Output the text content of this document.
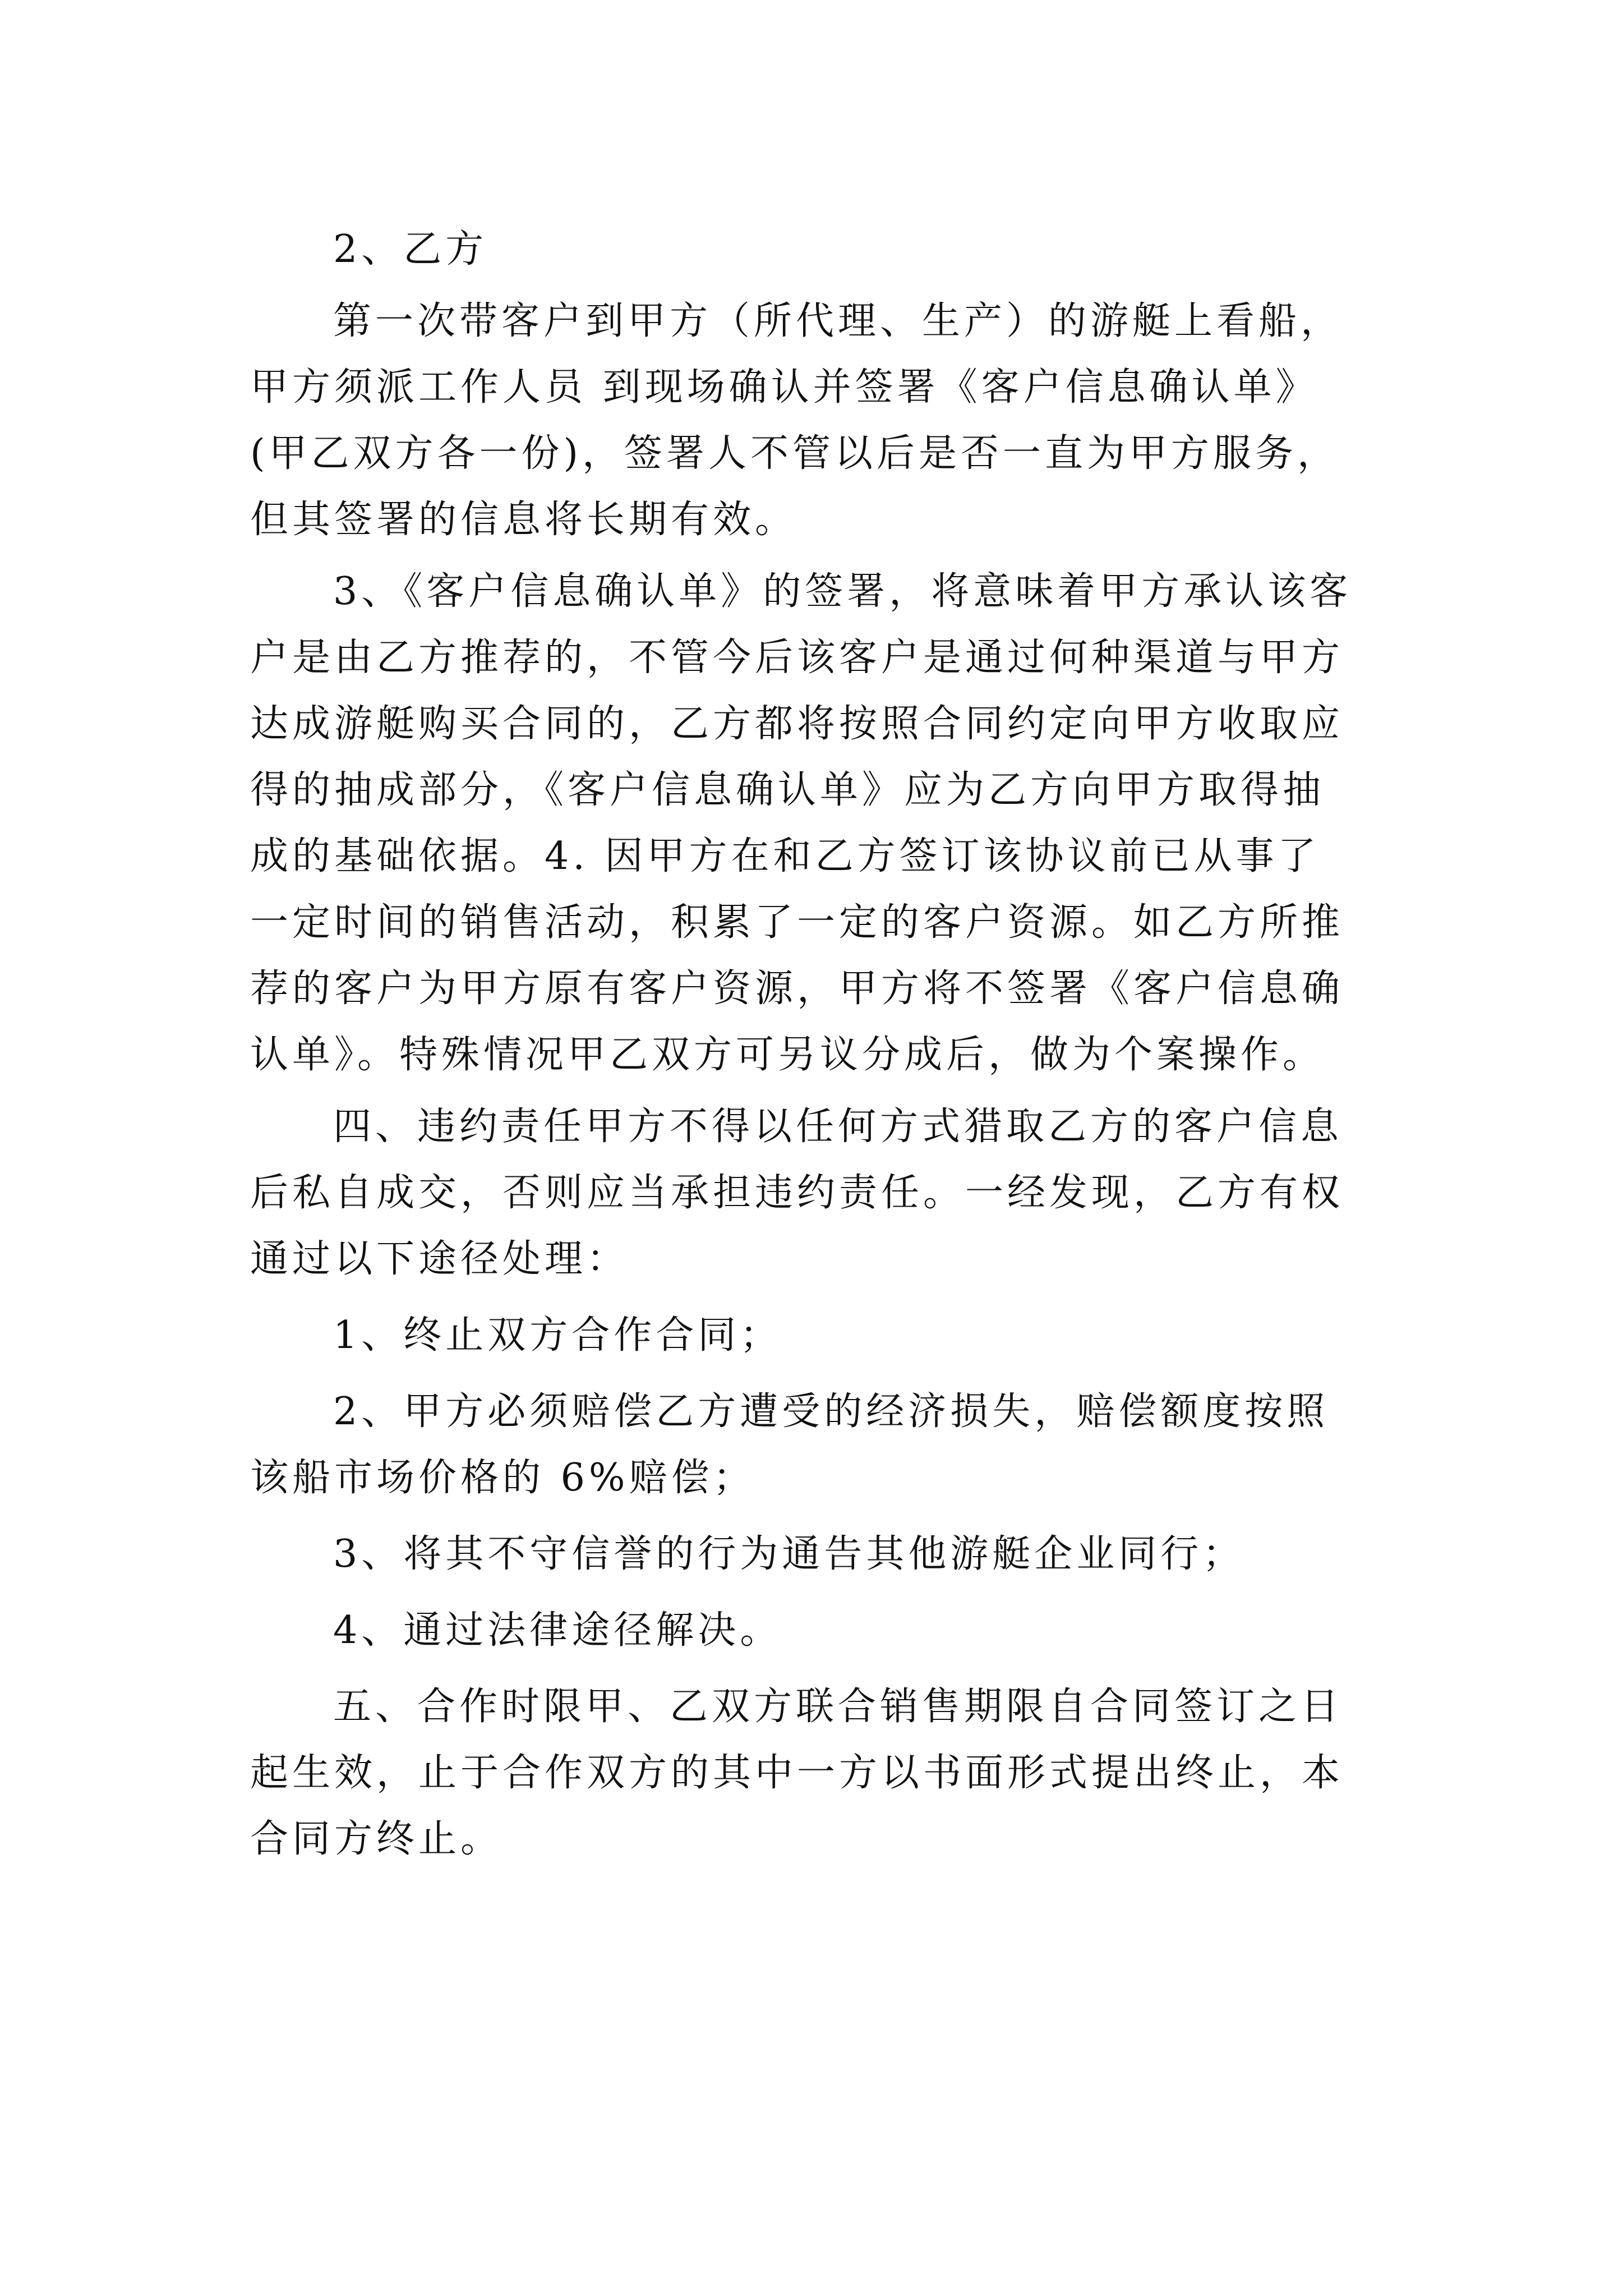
2、乙方
第一次带客户到甲方（所代理、生产）的游艇上看船，
甲方须派工作人员 到现场确认并签署《客户信息确认单》
(甲乙双方各一份)，签署人不管以后是否一直为甲方服务，
但其签署的信息将长期有效。
3、《客户信息确认单》的签署，将意味着甲方承认该客
户是由乙方推荐的，不管今后该客户是通过何种渠道与甲方
达成游艇购买合同的，乙方都将按照合同约定向甲方收取应
得的抽成部分，《客户信息确认单》应为乙方向甲方取得抽
成的基础依据。4. 因甲方在和乙方签订该协议前已从事了
一定时间的销售活动，积累了一定的客户资源。如乙方所推
荐的客户为甲方原有客户资源，甲方将不签署《客户信息确
认单》。特殊情况甲乙双方可另议分成后，做为个案操作。
四、违约责任甲方不得以任何方式猎取乙方的客户信息
后私自成交，否则应当承担违约责任。一经发现，乙方有权
通过以下途径处理：
1、终止双方合作合同；
2、甲方必须赔偿乙方遭受的经济损失，赔偿额度按照
该船市场价格的 6%赔偿；
3、将其不守信誉的行为通告其他游艇企业同行；
4、通过法律途径解决。
五、合作时限甲、乙双方联合销售期限自合同签订之日
起生效，止于合作双方的其中一方以书面形式提出终止，本
合同方终止。
